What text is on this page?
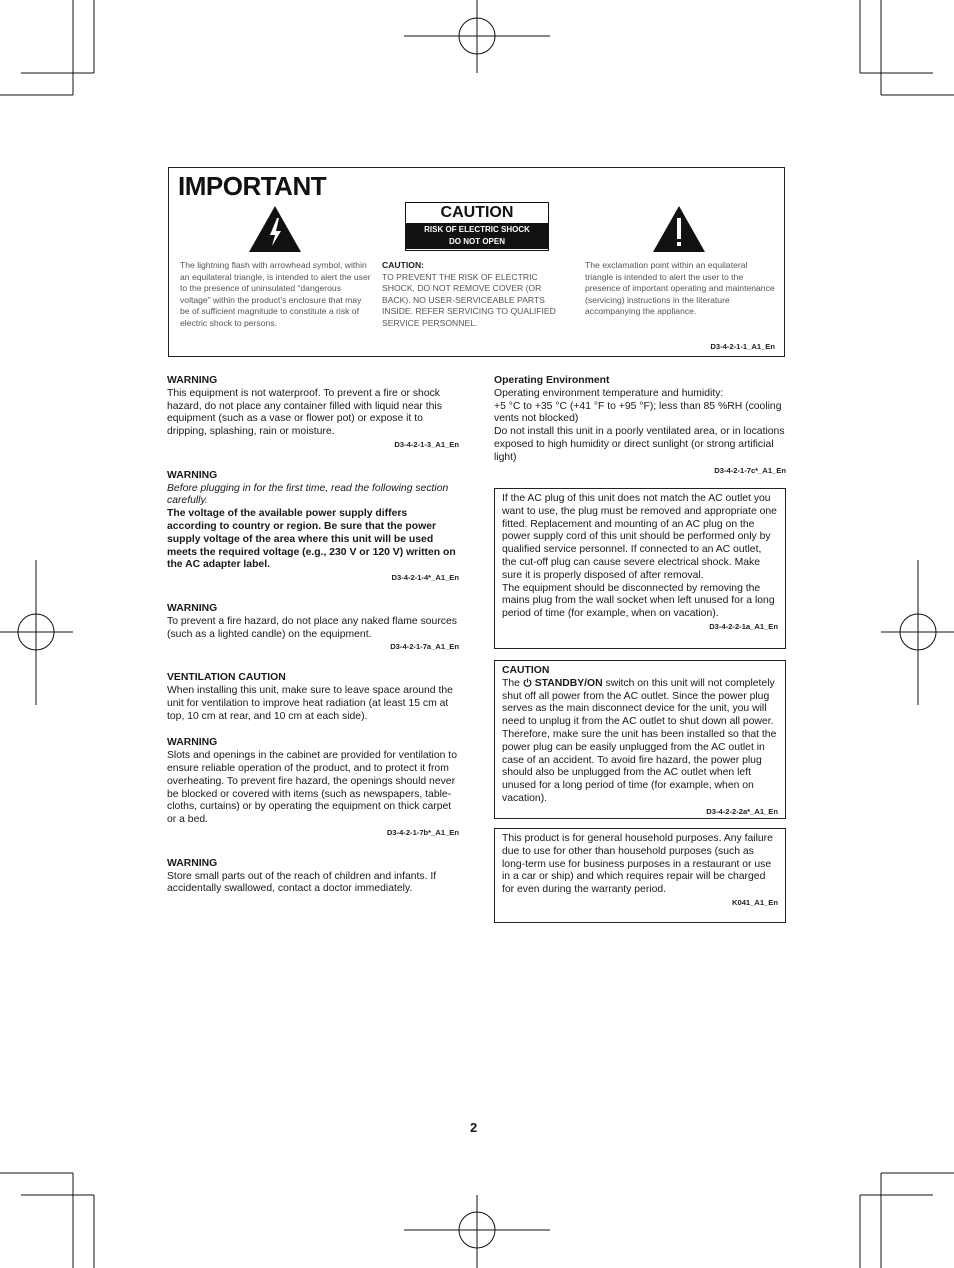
IMPORTANT
CAUTION
RISK OF ELECTRIC SHOCK
DO NOT OPEN
The lightning flash with arrowhead symbol, within an equilateral triangle, is intended to alert the user to the presence of uninsulated “dangerous voltage” within the product’s enclosure that may be of sufficient magnitude to constitute a risk of electric shock to persons.
CAUTION:
TO PREVENT THE RISK OF ELECTRIC SHOCK, DO NOT REMOVE COVER (OR BACK). NO USER-SERVICEABLE PARTS INSIDE. REFER SERVICING TO QUALIFIED SERVICE PERSONNEL.
The exclamation point within an equilateral triangle is intended to alert the user to the presence of important operating and maintenance (servicing) instructions in the literature accompanying the appliance.
D3-4-2-1-1_A1_En
WARNING
This equipment is not waterproof. To prevent a fire or shock hazard, do not place any container filled with liquid near this equipment (such as a vase or flower pot) or expose it to dripping, splashing, rain or moisture.
D3-4-2-1-3_A1_En
WARNING
Before plugging in for the first time, read the following section carefully.
The voltage of the available power supply differs according to country or region. Be sure that the power supply voltage of the area where this unit will be used meets the required voltage (e.g., 230 V or 120 V) written on the AC adapter label.
D3-4-2-1-4*_A1_En
WARNING
To prevent a fire hazard, do not place any naked flame sources (such as a lighted candle) on the equipment.
D3-4-2-1-7a_A1_En
VENTILATION CAUTION
When installing this unit, make sure to leave space around the unit for ventilation to improve heat radiation (at least 15 cm at top, 10 cm at rear, and 10 cm at each side).
WARNING
Slots and openings in the cabinet are provided for ventilation to ensure reliable operation of the product, and to protect it from overheating. To prevent fire hazard, the openings should never be blocked or covered with items (such as newspapers, table-cloths, curtains) or by operating the equipment on thick carpet or a bed.
D3-4-2-1-7b*_A1_En
WARNING
Store small parts out of the reach of children and infants. If accidentally swallowed, contact a doctor immediately.
Operating Environment
Operating environment temperature and humidity:
+5 °C to +35 °C (+41 °F to +95 °F); less than 85 %RH (cooling vents not blocked)
Do not install this unit in a poorly ventilated area, or in locations exposed to high humidity or direct sunlight (or strong artificial light)
D3-4-2-1-7c*_A1_En
If the AC plug of this unit does not match the AC outlet you want to use, the plug must be removed and appropriate one fitted. Replacement and mounting of an AC plug on the power supply cord of this unit should be performed only by qualified service personnel. If connected to an AC outlet, the cut-off plug can cause severe electrical shock. Make sure it is properly disposed of after removal.
The equipment should be disconnected by removing the mains plug from the wall socket when left unused for a long period of time (for example, when on vacation).
D3-4-2-2-1a_A1_En
CAUTION
The  STANDBY/ON switch on this unit will not completely shut off all power from the AC outlet. Since the power plug serves as the main disconnect device for the unit, you will need to unplug it from the AC outlet to shut down all power. Therefore, make sure the unit has been installed so that the power plug can be easily unplugged from the AC outlet in case of an accident. To avoid fire hazard, the power plug should also be unplugged from the AC outlet when left unused for a long period of time (for example, when on vacation).
D3-4-2-2-2a*_A1_En
This product is for general household purposes. Any failure due to use for other than household purposes (such as long-term use for business purposes in a restaurant or use in a car or ship) and which requires repair will be charged for even during the warranty period.
K041_A1_En
2
